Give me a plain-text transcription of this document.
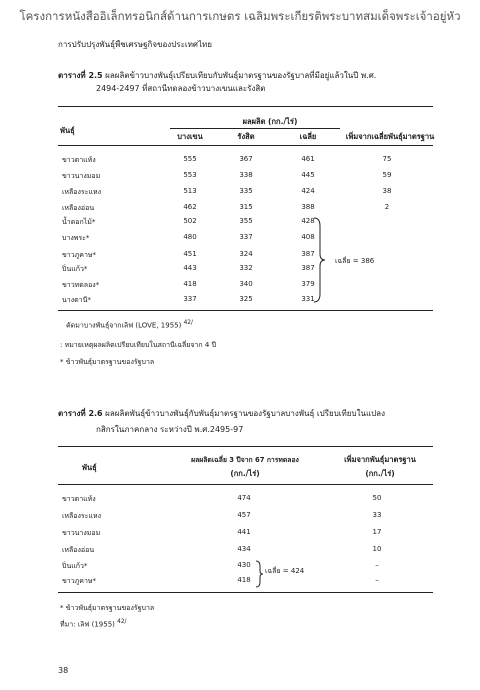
โครงการหนังสืออิเล็กทรอนิกส์ด้านการเกษตร เฉลิมพระเกียรติพระบาทสมเด็จพระเจ้าอยู่หัว
การปรับปรุงพันธุ์พืชเศรษฐกิจของประเทศไทย
ตารางที่ 2.5 ผลผลิตข้าวบางพันธุ์เปรียบเทียบกับพันธุ์มาตรฐานของรัฐบาลที่มีอยู่แล้วในปี พ.ศ.
2494-2497 ที่สถานีทดลองข้าวบางเขนและรังสิต
พันธุ์
ผลผลิต (กก./ไร่)
บางเขน	รังสิต	เฉลี่ย	เพิ่มจากเฉลี่ยพันธุ์มาตรฐาน
ขาวตาแห้ง	555	367	461	75
ขาวนางมอม	553	338	445	59
เหลืองระแหง	513	335	424	38
เหลืองอ่อน	462	315	388	2
น้ำดอกไม้*	502	355	428
บางพระ*	480	337	408
ขาวภูคาษ*	451	324	387
ปิ่นแก้ว*	443	332	387
ขาวทดลอง*	418	340	379
นางตานี*	337	325	331
เฉลี่ย = 386
คัดมาบางพันธุ์จากเลิฟ (LOVE, 1955) $^{42/}$
: หมายเหตุผลผลิตเปรียบเทียบในสถานีเฉลี่ยจาก 4 ปี
* ข้าวพันธุ์มาตรฐานของรัฐบาล
ตารางที่ 2.6 ผลผลิตพันธุ์ข้าวบางพันธุ์กับพันธุ์มาตรฐานของรัฐบาลบางพันธุ์ เปรียบเทียบในแปลง
กสิกรในภาคกลาง ระหว่างปี พ.ศ.2495-97
พันธุ์
ผลผลิตเฉลี่ย 3 ปีจาก 67 การทดลอง
(กก./ไร่)
เพิ่มจากพันธุ์มาตรฐาน
(กก./ไร่)
ขาวตาแห้ง	474	50
เหลืองระแหง	457	33
ขาวนางมอม	441	17
เหลืองอ่อน	434	10
ปิ่นแก้ว*	430	–
ขาวภูคาษ*	418	–
เฉลี่ย = 424
* ข้าวพันธุ์มาตรฐานของรัฐบาล
ที่มา: เลิฟ (1955) $^{42/}$
38
